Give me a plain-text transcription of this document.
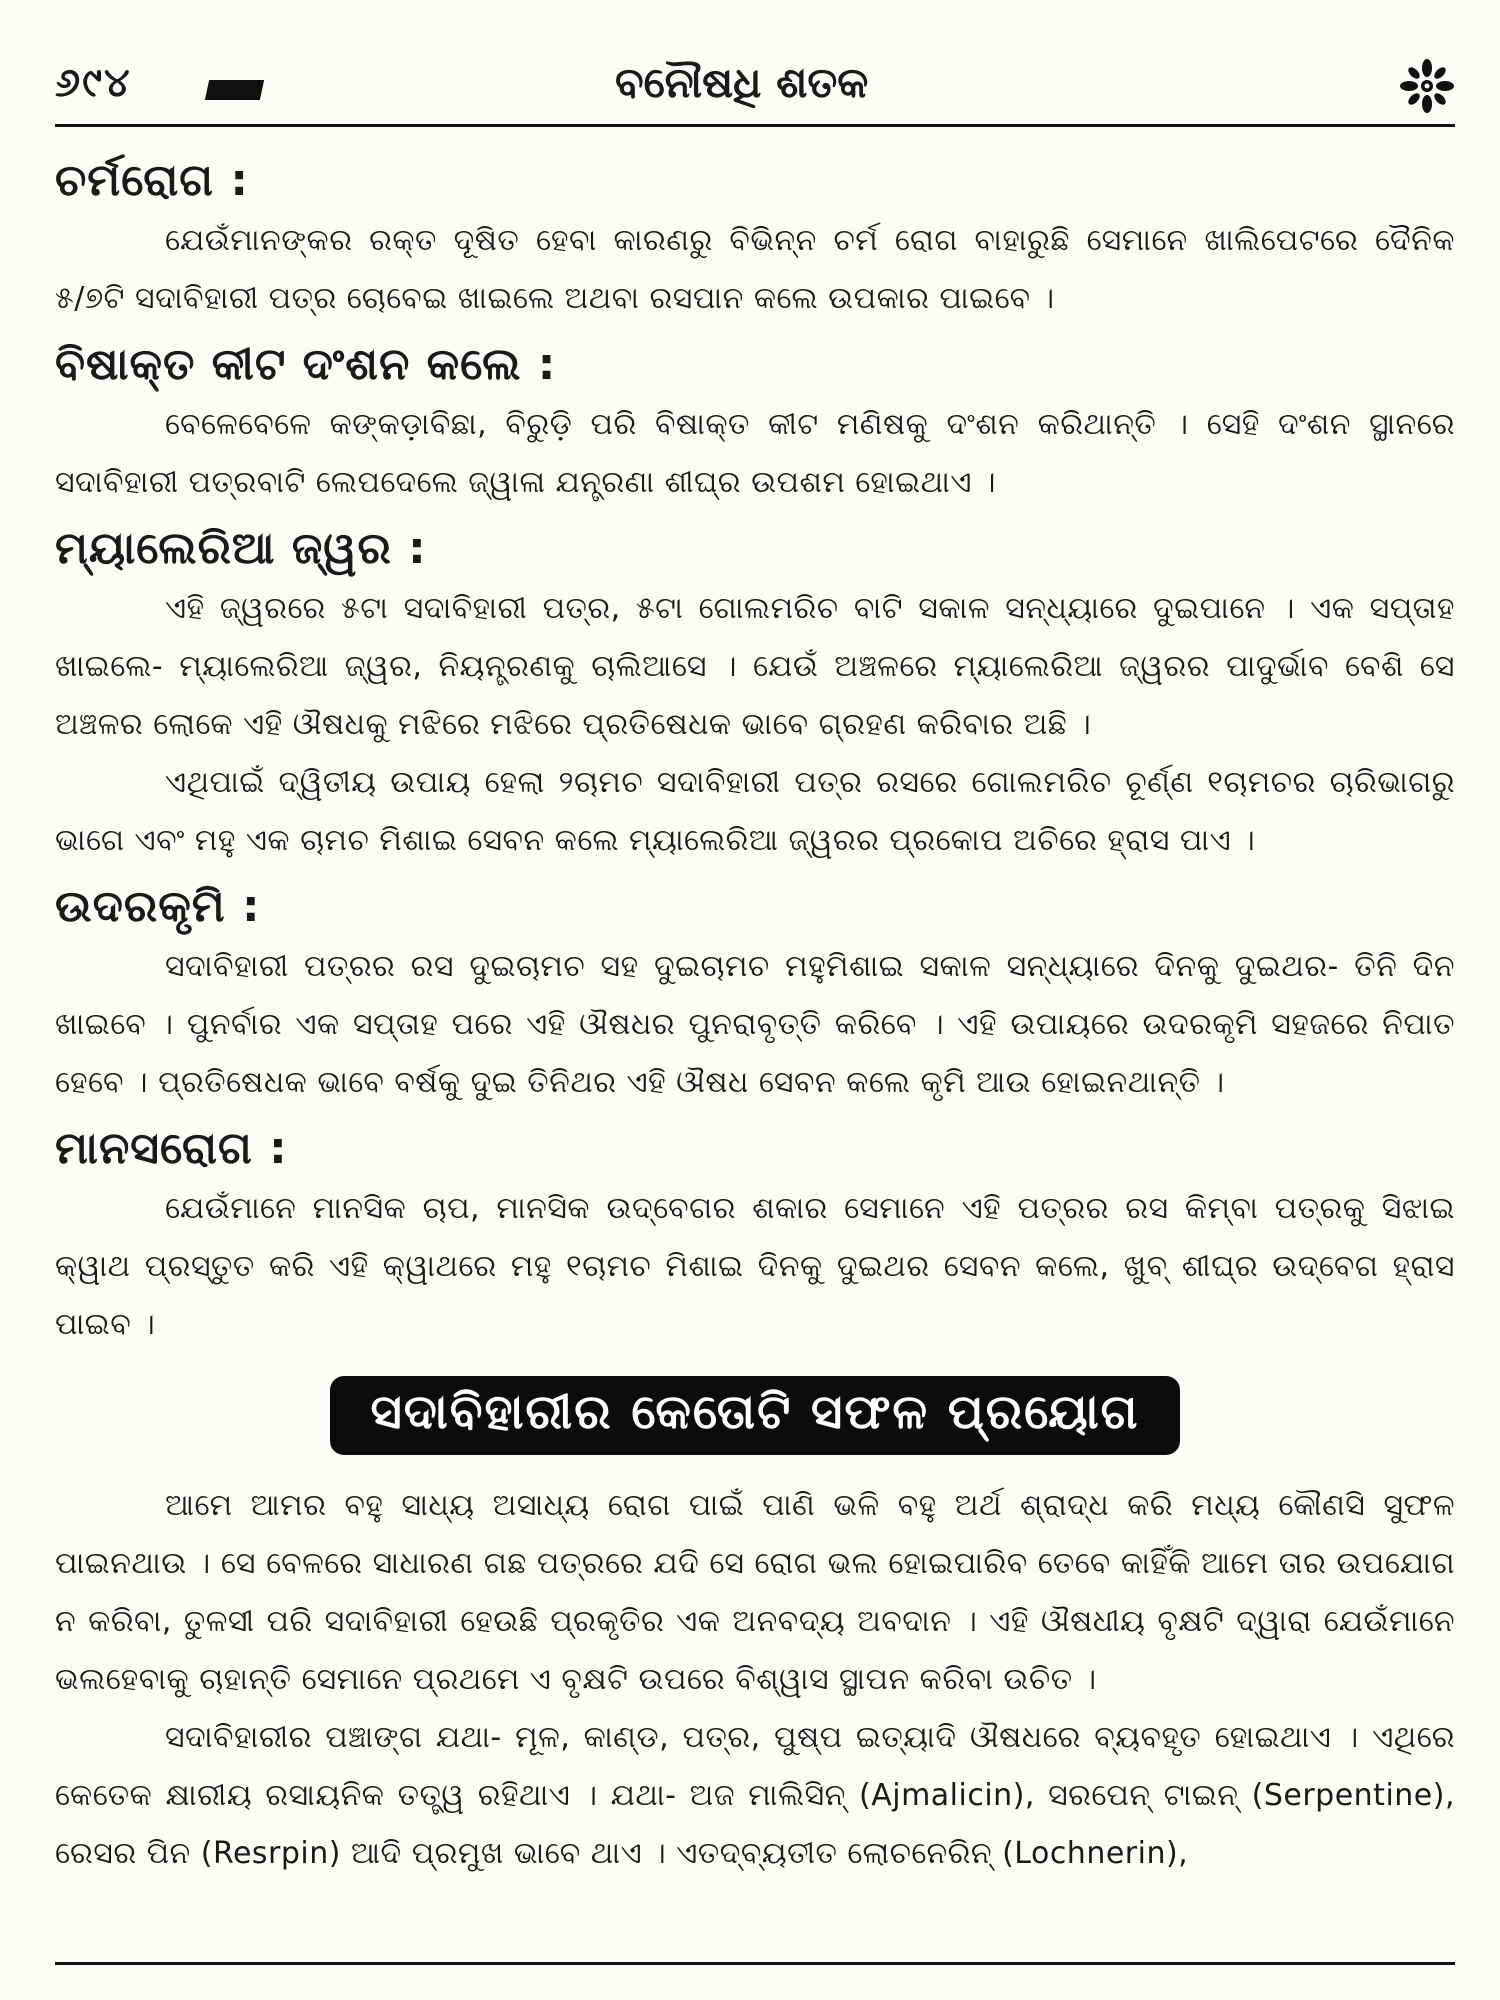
୬୯୪	ବନୌଷଧି ଶତକ

ଚର୍ମରୋଗ :

ଯେଉଁମାନଙ୍କର ରକ୍ତ ଦୂଷିତ ହେବା କାରଣରୁ ବିଭିନ୍ନ ଚର୍ମ ରୋଗ ବାହାରୁଛି ସେମାନେ ଖାଲିପେଟରେ ଦୈନିକ ୫/୭ଟି ସଦାବିହାରୀ ପତ୍ର ଚୋବେଇ ଖାଇଲେ ଅଥବା ରସପାନ କଲେ ଉପକାର ପାଇବେ ।

ବିଷାକ୍ତ କୀଟ ଦଂଶନ କଲେ :

ବେଳେବେଳେ କଙ୍କଡ଼ାବିଛା, ବିରୁଡ଼ି ପରି ବିଷାକ୍ତ କୀଟ ମଣିଷକୁ ଦଂଶନ କରିଥାନ୍ତି । ସେହି ଦଂଶନ ସ୍ଥାନରେ ସଦାବିହାରୀ ପତ୍ରବାଟି ଲେପଦେଲେ ଜ୍ୱାଳା ଯନ୍ତ୍ରଣା ଶୀଘ୍ର ଉପଶମ ହୋଇଥାଏ ।

ମ୍ୟାଲେରିଆ ଜ୍ୱର :

ଏହି ଜ୍ୱରରେ ୫ଟା ସଦାବିହାରୀ ପତ୍ର, ୫ଟା ଗୋଲମରିଚ ବାଟି ସକାଳ ସନ୍ଧ୍ୟାରେ ଦୁଇପାନେ । ଏକ ସପ୍ତାହ ଖାଇଲେ- ମ୍ୟାଲେରିଆ ଜ୍ୱର, ନିୟନ୍ତ୍ରଣକୁ ଚାଲିଆସେ । ଯେଉଁ ଅଞ୍ଚଳରେ ମ୍ୟାଲେରିଆ ଜ୍ୱରର ପାଦୁର୍ଭାବ ବେଶି ସେ ଅଞ୍ଚଳର ଲୋକେ ଏହି ଔଷଧକୁ ମଝିରେ ମଝିରେ ପ୍ରତିଷେଧକ ଭାବେ ଗ୍ରହଣ କରିବାର ଅଛି ।

ଏଥିପାଇଁ ଦ୍ୱିତୀୟ ଉପାୟ ହେଲା ୨ଚାମଚ ସଦାବିହାରୀ ପତ୍ର ରସରେ ଗୋଲମରିଚ ଚୂର୍ଣ୍ଣ ୧ଚାମଚର ଚାରିଭାଗରୁ ଭାଗେ ଏବଂ ମହୁ ଏକ ଚାମଚ ମିଶାଇ ସେବନ କଲେ ମ୍ୟାଲେରିଆ ଜ୍ୱରର ପ୍ରକୋପ ଅଚିରେ ହ୍ରାସ ପାଏ ।

ଉଦରକୃମି :

ସଦାବିହାରୀ ପତ୍ରର ରସ ଦୁଇଚାମଚ ସହ ଦୁଇଚାମଚ ମହୁମିଶାଇ ସକାଳ ସନ୍ଧ୍ୟାରେ ଦିନକୁ ଦୁଇଥର- ତିନି ଦିନ ଖାଇବେ । ପୁନର୍ବାର ଏକ ସପ୍ତାହ ପରେ ଏହି ଔଷଧର ପୁନରାବୃତ୍ତି କରିବେ । ଏହି ଉପାୟରେ ଉଦରକୃମି ସହଜରେ ନିପାତ ହେବେ । ପ୍ରତିଷେଧକ ଭାବେ ବର୍ଷକୁ ଦୁଇ ତିନିଥର ଏହି ଔଷଧ ସେବନ କଲେ କୃମି ଆଉ ହୋଇନଥାନ୍ତି ।

ମାନସରୋଗ :

ଯେଉଁମାନେ ମାନସିକ ଚାପ, ମାନସିକ ଉଦ୍‌ବେଗର ଶକାର ସେମାନେ ଏହି ପତ୍ରର ରସ କିମ୍ବା ପତ୍ରକୁ ସିଝାଇ କ୍ୱାଥ ପ୍ରସ୍ତୁତ କରି ଏହି କ୍ୱାଥରେ ମହୁ ୧ଚାମଚ ମିଶାଇ ଦିନକୁ ଦୁଇଥର ସେବନ କଲେ, ଖୁବ୍ ଶୀଘ୍ର ଉଦ୍‌ବେଗ ହ୍ରାସ ପାଇବ ।

ସଦାବିହାରୀର କେତୋଟି ସଫଳ ପ୍ରୟୋଗ

ଆମେ ଆମର ବହୁ ସାଧ୍ୟ ଅସାଧ୍ୟ ରୋଗ ପାଇଁ ପାଣି ଭଳି ବହୁ ଅର୍ଥ ଶ୍ରାଦ୍ଧ କରି ମଧ୍ୟ କୌଣସି ସୁଫଳ ପାଇନଥାଉ । ସେ ବେଳରେ ସାଧାରଣ ଗଛ ପତ୍ରରେ ଯଦି ସେ ରୋଗ ଭଲ ହୋଇପାରିବ ତେବେ କାହିଁକି ଆମେ ତାର ଉପଯୋଗ ନ କରିବା, ତୁଳସୀ ପରି ସଦାବିହାରୀ ହେଉଛି ପ୍ରକୃତିର ଏକ ଅନବଦ୍ୟ ଅବଦାନ । ଏହି ଔଷଧୀୟ ବୃକ୍ଷଟି ଦ୍ୱାରା ଯେଉଁମାନେ ଭଲହେବାକୁ ଚାହାନ୍ତି ସେମାନେ ପ୍ରଥମେ ଏ ବୃକ୍ଷଟି ଉପରେ ବିଶ୍ୱାସ ସ୍ଥାପନ କରିବା ଉଚିତ ।

ସଦାବିହାରୀର ପଞ୍ଚାଙ୍ଗ ଯଥା- ମୂଳ, କାଣ୍ଡ, ପତ୍ର, ପୁଷ୍ପ ଇତ୍ୟାଦି ଔଷଧରେ ବ୍ୟବହୃତ ହୋଇଥାଏ । ଏଥିରେ କେତେକ କ୍ଷାରୀୟ ରସାୟନିକ ତତ୍ତ୍ୱ ରହିଥାଏ । ଯଥା- ଅଜ ମାଲିସିନ୍ (Ajmalicin), ସରପେନ୍ ଟାଇନ୍ (Serpentine), ରେସର ପିନ (Resrpin) ଆଦି ପ୍ରମୁଖ ଭାବେ ଥାଏ । ଏତଦ୍‌ବ୍ୟତୀତ ଲୋଚନେରିନ୍ (Lochnerin),
